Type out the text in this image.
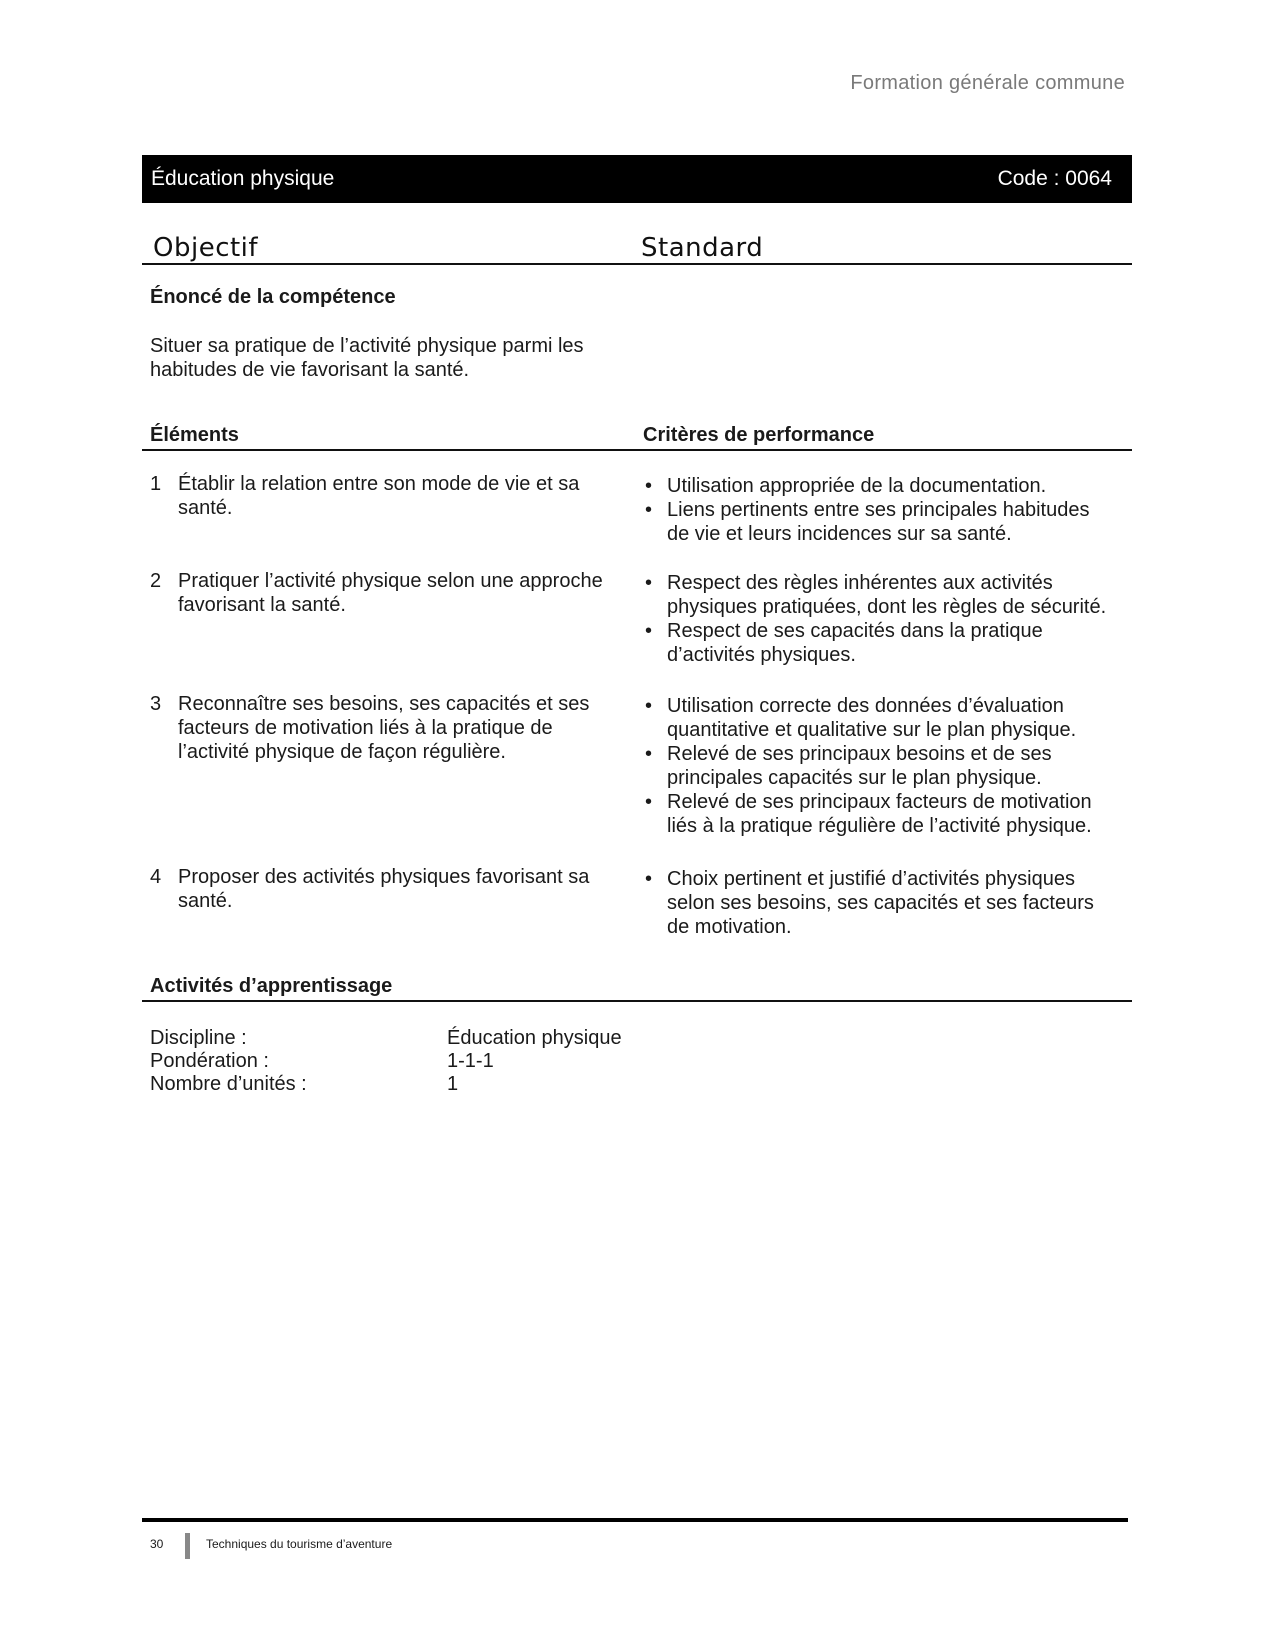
Formation générale commune
Éducation physique	Code : 0064
Objectif	Standard
Énoncé de la compétence
Situer sa pratique de l’activité physique parmi les
habitudes de vie favorisant la santé.
Éléments	Critères de performance
1 Établir la relation entre son mode de vie et sa
santé.
• Utilisation appropriée de la documentation.
• Liens pertinents entre ses principales habitudes
de vie et leurs incidences sur sa santé.
2 Pratiquer l’activité physique selon une approche
favorisant la santé.
• Respect des règles inhérentes aux activités
physiques pratiquées, dont les règles de sécurité.
• Respect de ses capacités dans la pratique
d’activités physiques.
3 Reconnaître ses besoins, ses capacités et ses
facteurs de motivation liés à la pratique de
l’activité physique de façon régulière.
• Utilisation correcte des données d’évaluation
quantitative et qualitative sur le plan physique.
• Relevé de ses principaux besoins et de ses
principales capacités sur le plan physique.
• Relevé de ses principaux facteurs de motivation
liés à la pratique régulière de l’activité physique.
4 Proposer des activités physiques favorisant sa
santé.
• Choix pertinent et justifié d’activités physiques
selon ses besoins, ses capacités et ses facteurs
de motivation.
Activités d’apprentissage
Discipline :	Éducation physique
Pondération :	1-1-1
Nombre d’unités :	1
30	Techniques du tourisme d’aventure
